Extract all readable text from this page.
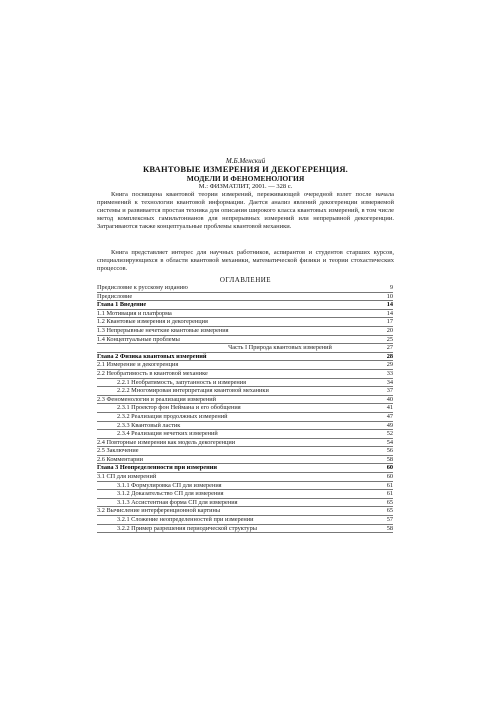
М.Б.Менский
КВАНТОВЫЕ ИЗМЕРЕНИЯ И ДЕКОГЕРЕНЦИЯ.
МОДЕЛИ И ФЕНОМЕНОЛОГИЯ
М.: ФИЗМАТЛИТ, 2001. — 328 с.
Книга посвящена квантовой теории измерений, переживающей очередной взлет после начала применений к технологии квантовой информации. Дается анализ явлений декогеренции измеряемой системы и развивается простая техника для описания широкого класса квантовых измерений, в том числе метод комплексных гамильтонианов для непрерывных измерений или непрерывной декогеренции. Затрагиваются также концептуальные проблемы квантовой механики.
Книга представляет интерес для научных работников, аспирантов и студентов старших курсов, специализирующихся в области квантовой механики, математической физики и теории стохастических процессов.
ОГЛАВЛЕНИЕ
Предисловие к русскому изданию	9
Предисловие	10
Глава 1 Введение	14
1.1 Мотивация и платформа	14
1.2 Квантовые измерения и декогеренция	17
1.3 Непрерывные нечеткие квантовые измерения	20
1.4 Концептуальные проблемы	25
Часть I Природа квантовых измерений	27
Глава 2 Физика квантовых измерений	28
2.1 Измерение и декогеренция	29
2.2 Необратимость в квантовой механике	33
2.2.1 Необратимость, запутанность и измерения	34
2.2.2 Многомировая интерпретация квантовой механики	37
2.3 Феноменология и реализация измерений	40
2.3.1 Проектор фон Неймана и его обобщения	41
2.3.2 Реализация продолжных измерений	47
2.3.3 Квантовый ластик	49
2.3.4 Реализация нечетких измерений	52
2.4 Повторные измерения как модель декогеренции	54
2.5 Заключение	56
2.6 Комментарии	58
Глава 3 Неопределенности при измерении	60
3.1 СП для измерений	60
3.1.1 Формулировка СП для измерения	61
3.1.2 Доказательство СП для измерения	61
3.1.3 Ассистентная форма СП для измерения	65
3.2 Вычисление интерференционной картины	65
3.2.1 Сложение неопределенностей при измерении	57
3.2.2 Пример разрешения периодической структуры	58
